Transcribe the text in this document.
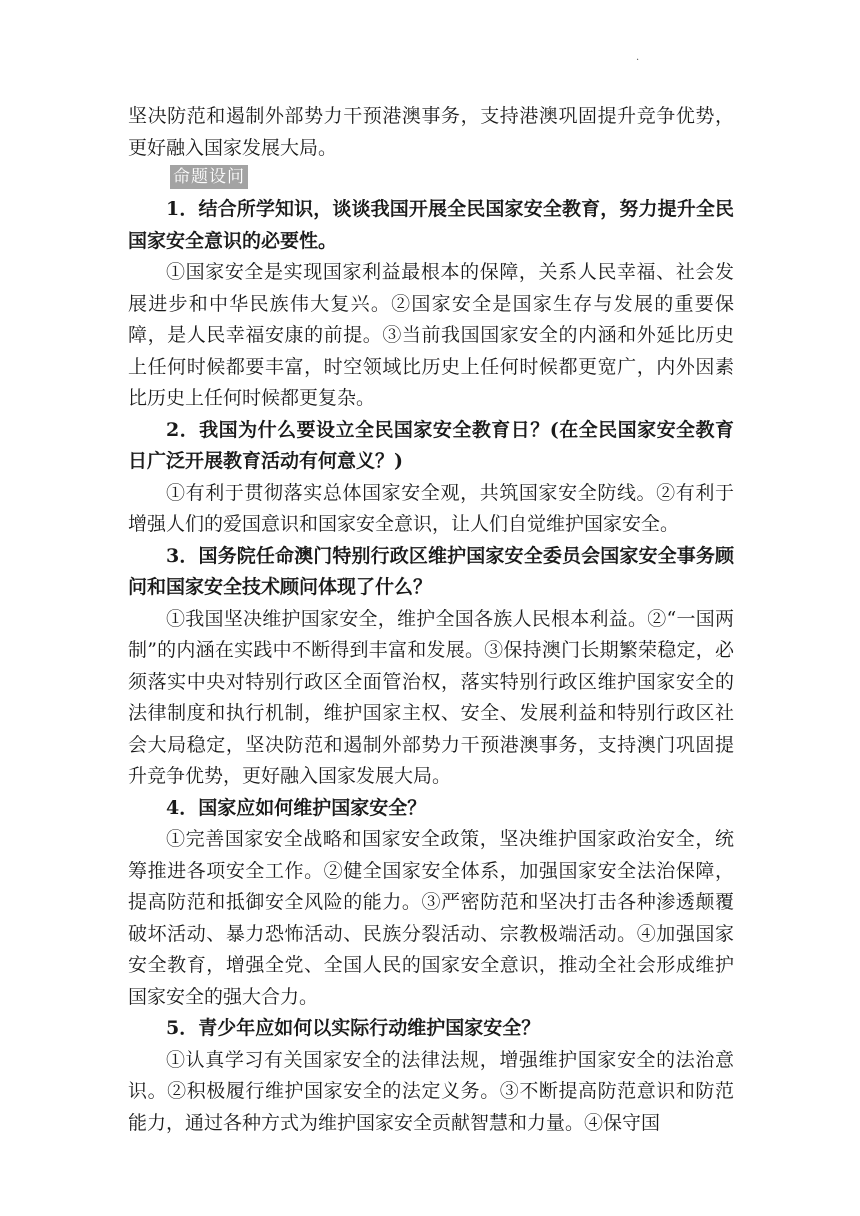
.

坚决防范和遏制外部势力干预港澳事务，支持港澳巩固提升竞争优势，更好融入国家发展大局。

命题设问

1．结合所学知识，谈谈我国开展全民国家安全教育，努力提升全民国家安全意识的必要性。

①国家安全是实现国家利益最根本的保障，关系人民幸福、社会发展进步和中华民族伟大复兴。②国家安全是国家生存与发展的重要保障，是人民幸福安康的前提。③当前我国国家安全的内涵和外延比历史上任何时候都要丰富，时空领域比历史上任何时候都更宽广，内外因素比历史上任何时候都更复杂。

2．我国为什么要设立全民国家安全教育日？(在全民国家安全教育日广泛开展教育活动有何意义？)

①有利于贯彻落实总体国家安全观，共筑国家安全防线。②有利于增强人们的爱国意识和国家安全意识，让人们自觉维护国家安全。

3．国务院任命澳门特别行政区维护国家安全委员会国家安全事务顾问和国家安全技术顾问体现了什么？

①我国坚决维护国家安全，维护全国各族人民根本利益。②“一国两制”的内涵在实践中不断得到丰富和发展。③保持澳门长期繁荣稳定，必须落实中央对特别行政区全面管治权，落实特别行政区维护国家安全的法律制度和执行机制，维护国家主权、安全、发展利益和特别行政区社会大局稳定，坚决防范和遏制外部势力干预港澳事务，支持澳门巩固提升竞争优势，更好融入国家发展大局。

4．国家应如何维护国家安全？

①完善国家安全战略和国家安全政策，坚决维护国家政治安全，统筹推进各项安全工作。②健全国家安全体系，加强国家安全法治保障，提高防范和抵御安全风险的能力。③严密防范和坚决打击各种渗透颠覆破坏活动、暴力恐怖活动、民族分裂活动、宗教极端活动。④加强国家安全教育，增强全党、全国人民的国家安全意识，推动全社会形成维护国家安全的强大合力。

5．青少年应如何以实际行动维护国家安全？

①认真学习有关国家安全的法律法规，增强维护国家安全的法治意识。②积极履行维护国家安全的法定义务。③不断提高防范意识和防范能力，通过各种方式为维护国家安全贡献智慧和力量。④保守国
